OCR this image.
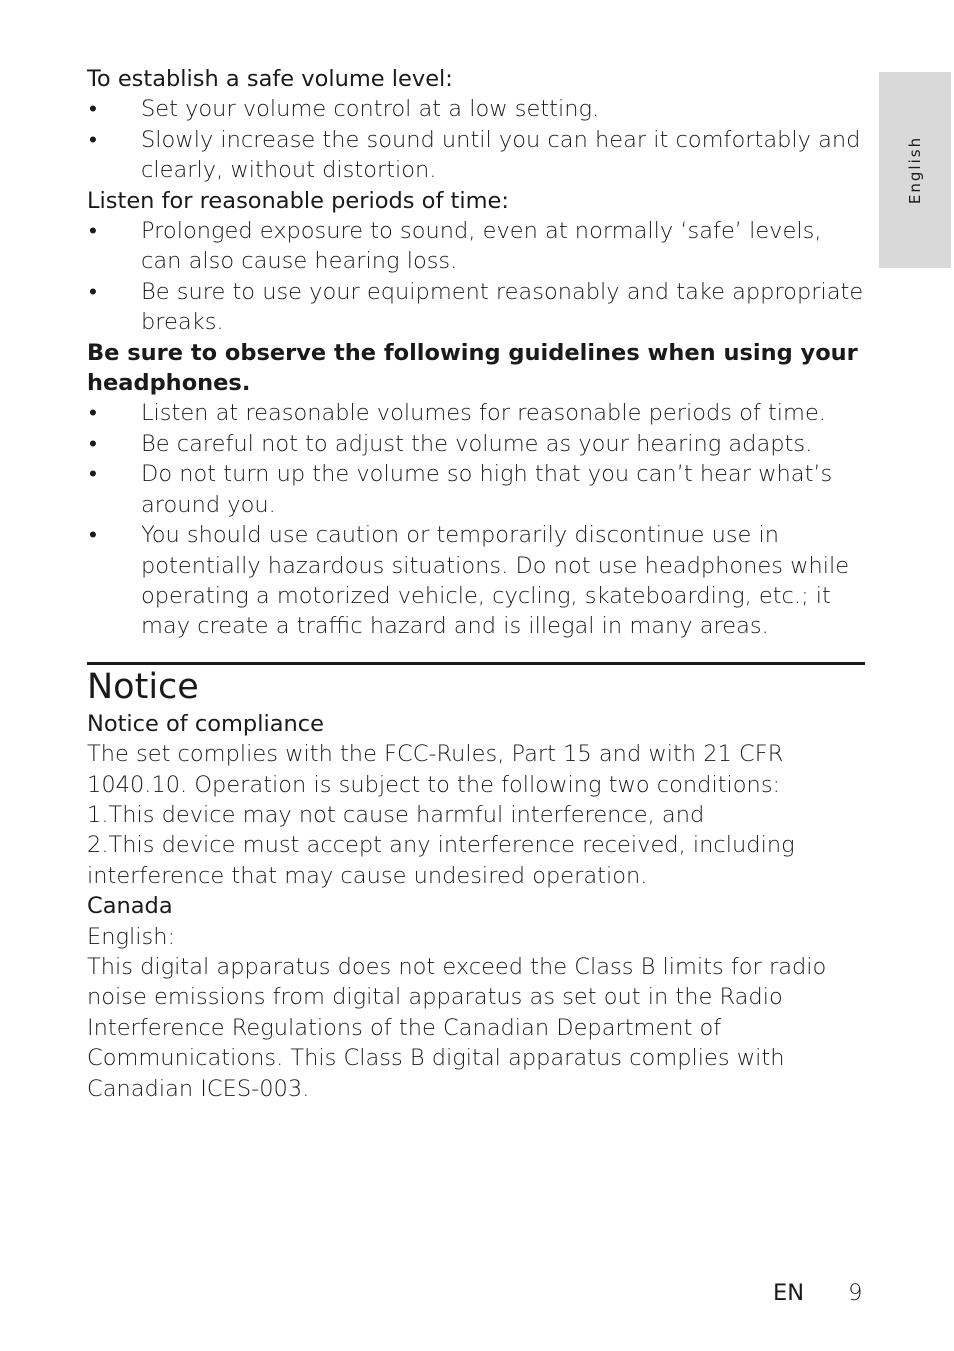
English

To establish a safe volume level:

• Set your volume control at a low setting.
• Slowly increase the sound until you can hear it comfortably and clearly, without distortion.

Listen for reasonable periods of time:

• Prolonged exposure to sound, even at normally ‘safe’ levels, can also cause hearing loss.
• Be sure to use your equipment reasonably and take appropriate breaks.

Be sure to observe the following guidelines when using your headphones.

• Listen at reasonable volumes for reasonable periods of time.
• Be careful not to adjust the volume as your hearing adapts.
• Do not turn up the volume so high that you can’t hear what’s around you.
• You should use caution or temporarily discontinue use in potentially hazardous situations. Do not use headphones while operating a motorized vehicle, cycling, skateboarding, etc.; it may create a traffic hazard and is illegal in many areas.

Notice

Notice of compliance

The set complies with the FCC-Rules, Part 15 and with 21 CFR 1040.10. Operation is subject to the following two conditions:

1.This device may not cause harmful interference, and

2.This device must accept any interference received, including interference that may cause undesired operation.

Canada

English:

This digital apparatus does not exceed the Class B limits for radio noise emissions from digital apparatus as set out in the Radio Interference Regulations of the Canadian Department of Communications. This Class B digital apparatus complies with Canadian ICES-003.

EN 9
